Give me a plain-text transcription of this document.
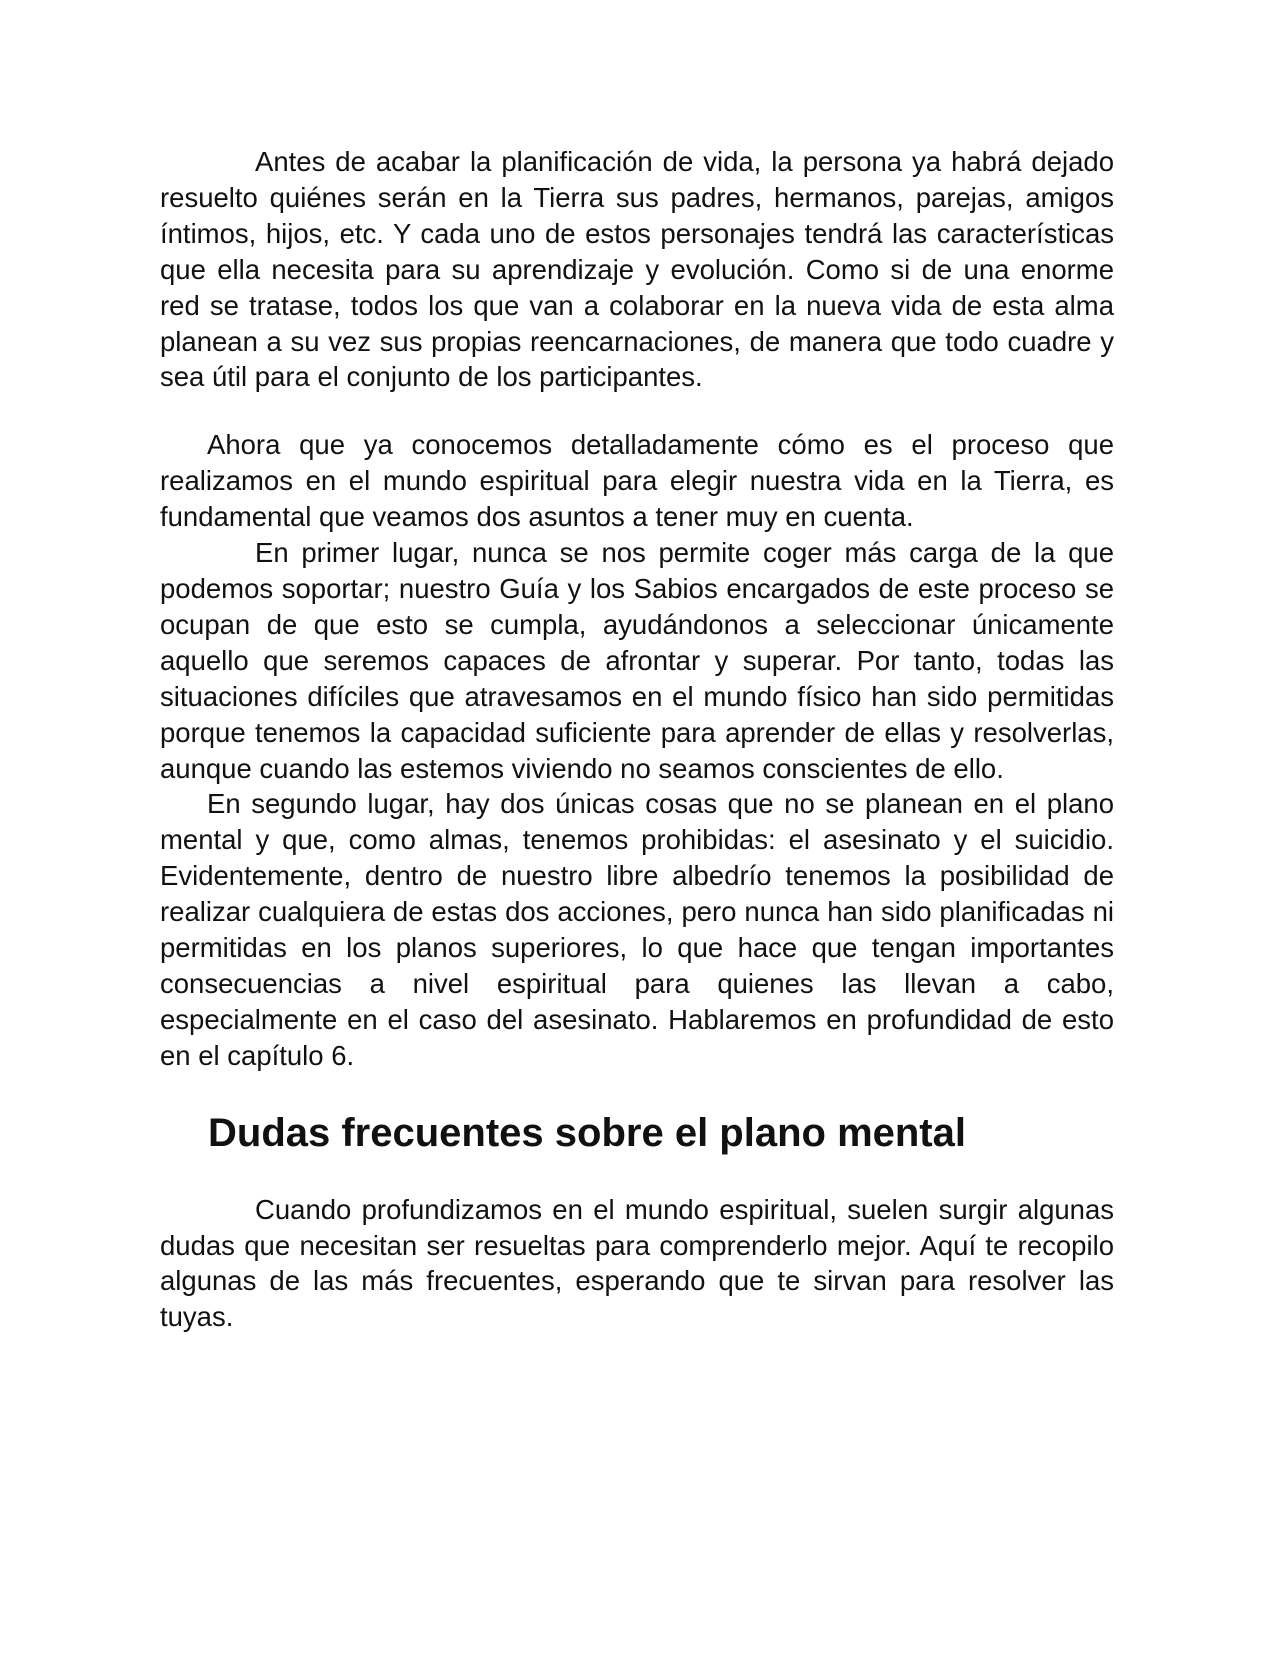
Antes de acabar la planificación de vida, la persona ya habrá dejado resuelto quiénes serán en la Tierra sus padres, hermanos, parejas, amigos íntimos, hijos, etc. Y cada uno de estos personajes tendrá las características que ella necesita para su aprendizaje y evolución. Como si de una enorme red se tratase, todos los que van a colaborar en la nueva vida de esta alma planean a su vez sus propias reencarnaciones, de manera que todo cuadre y sea útil para el conjunto de los participantes.

Ahora que ya conocemos detalladamente cómo es el proceso que realizamos en el mundo espiritual para elegir nuestra vida en la Tierra, es fundamental que veamos dos asuntos a tener muy en cuenta.

En primer lugar, nunca se nos permite coger más carga de la que podemos soportar; nuestro Guía y los Sabios encargados de este proceso se ocupan de que esto se cumpla, ayudándonos a seleccionar únicamente aquello que seremos capaces de afrontar y superar. Por tanto, todas las situaciones difíciles que atravesamos en el mundo físico han sido permitidas porque tenemos la capacidad suficiente para aprender de ellas y resolverlas, aunque cuando las estemos viviendo no seamos conscientes de ello.

En segundo lugar, hay dos únicas cosas que no se planean en el plano mental y que, como almas, tenemos prohibidas: el asesinato y el suicidio. Evidentemente, dentro de nuestro libre albedrío tenemos la posibilidad de realizar cualquiera de estas dos acciones, pero nunca han sido planificadas ni permitidas en los planos superiores, lo que hace que tengan importantes consecuencias a nivel espiritual para quienes las llevan a cabo, especialmente en el caso del asesinato. Hablaremos en profundidad de esto en el capítulo 6.

Dudas frecuentes sobre el plano mental

Cuando profundizamos en el mundo espiritual, suelen surgir algunas dudas que necesitan ser resueltas para comprenderlo mejor. Aquí te recopilo algunas de las más frecuentes, esperando que te sirvan para resolver las tuyas.
